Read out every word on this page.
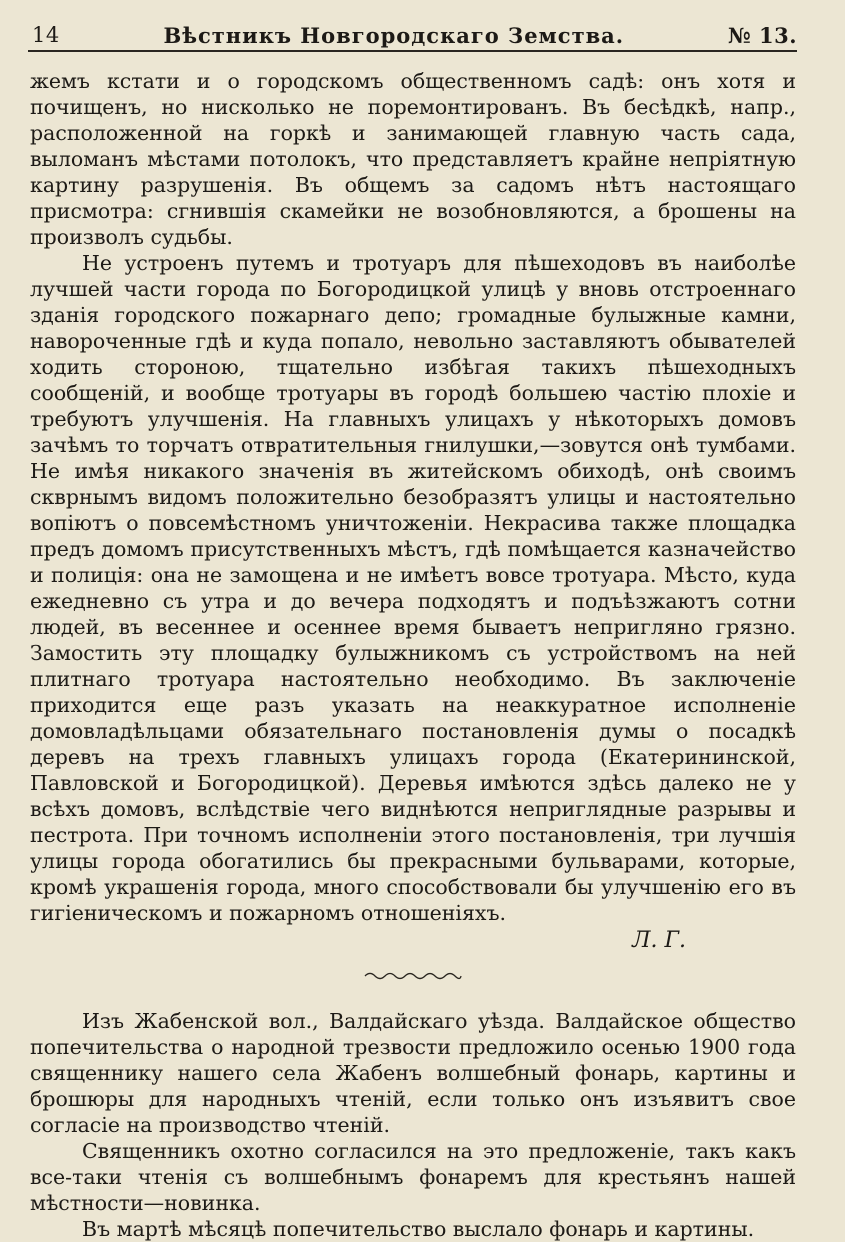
14	Вѣстникъ Новгородскаго Земства.	№ 13.

жемъ кстати и о городскомъ общественномъ садѣ: онъ хотя и почищенъ, но нисколько не поремонтированъ. Въ бесѣдкѣ, напр., расположенной на горкѣ и занимающей главную часть сада, выломанъ мѣстами потолокъ, что представляетъ крайне непріятную картину разрушенія. Въ общемъ за садомъ нѣтъ настоящаго присмотра: сгнившія скамейки не возобновляются, а брошены на произволъ судьбы.

Не устроенъ путемъ и тротуаръ для пѣшеходовъ въ наиболѣе лучшей части города по Богородицкой улицѣ у вновь отстроеннаго зданія городского пожарнаго депо; громадные булыжные камни, навороченные гдѣ и куда попало, невольно заставляютъ обывателей ходить стороною, тщательно избѣгая такихъ пѣшеходныхъ сообщеній, и вообще тротуары въ городѣ большею частію плохіе и требуютъ улучшенія. На главныхъ улицахъ у нѣкоторыхъ домовъ зачѣмъ то торчатъ отвратительныя гнилушки,—зовутся онѣ тумбами. Не имѣя никакого значенія въ житейскомъ обиходѣ, онѣ своимъ скврнымъ видомъ положительно безобразятъ улицы и настоятельно вопіютъ о повсемѣстномъ уничтоженіи. Некрасива также площадка предъ домомъ присутственныхъ мѣстъ, гдѣ помѣщается казначейство и полиція: она не замощена и не имѣетъ вовсе тротуара. Мѣсто, куда ежедневно съ утра и до вечера подходятъ и подъѣзжаютъ сотни людей, въ весеннее и осеннее время бываетъ непригляно грязно. Замостить эту площадку булыжникомъ съ устройствомъ на ней плитнаго тротуара настоятельно необходимо. Въ заключеніе приходится еще разъ указать на неаккуратное исполненіе домовладѣльцами обязательнаго постановленія думы о посадкѣ деревъ на трехъ главныхъ улицахъ города (Екатерининской, Павловской и Богородицкой). Деревья имѣются здѣсь далеко не у всѣхъ домовъ, вслѣдствіе чего виднѣются неприглядные разрывы и пестрота. При точномъ исполненіи этого постановленія, три лучшія улицы города обогатились бы прекрасными бульварами, которые, кромѣ украшенія города, много способствовали бы улучшенію его въ гигіеническомъ и пожарномъ отношеніяхъ.

Л. Г.

Изъ Жабенской вол., Валдайскаго уѣзда. Валдайское общество попечительства о народной трезвости предложило осенью 1900 года священнику нашего села Жабенъ волшебный фонарь, картины и брошюры для народныхъ чтеній, если только онъ изъявитъ свое согласіе на производство чтеній.

Священникъ охотно согласился на это предложеніе, такъ какъ все-таки чтенія съ волшебнымъ фонаремъ для крестьянъ нашей мѣстности—новинка.

Въ мартѣ мѣсяцѣ попечительство выслало фонарь и картины.
